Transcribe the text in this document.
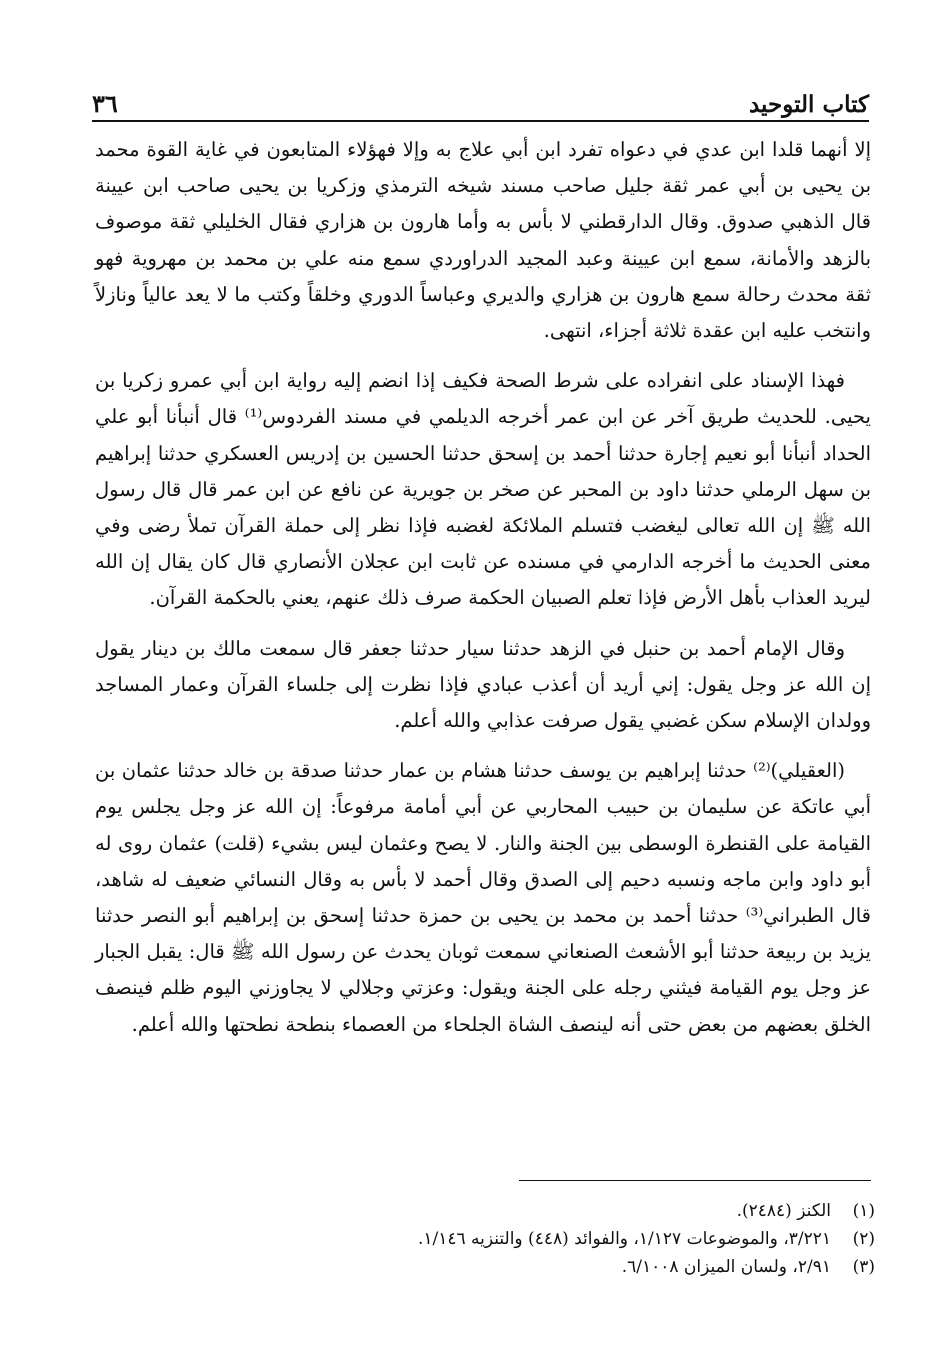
كتاب التوحيد
٣٦

إلا أنهما قلدا ابن عدي في دعواه تفرد ابن أبي علاج به وإلا فهؤلاء المتابعون في غاية القوة محمد بن يحيى بن أبي عمر ثقة جليل صاحب مسند شيخه الترمذي وزكريا بن يحيى صاحب ابن عيينة قال الذهبي صدوق. وقال الدارقطني لا بأس به وأما هارون بن هزاري فقال الخليلي ثقة موصوف بالزهد والأمانة، سمع ابن عيينة وعبد المجيد الدراوردي سمع منه علي بن محمد بن مهروية فهو ثقة محدث رحالة سمع هارون بن هزاري والديري وعباساً الدوري وخلقاً وكتب ما لا يعد عالياً ونازلاً وانتخب عليه ابن عقدة ثلاثة أجزاء، انتهى.

فهذا الإسناد على انفراده على شرط الصحة فكيف إذا انضم إليه رواية ابن أبي عمرو زكريا بن يحيى. للحديث طريق آخر عن ابن عمر أخرجه الديلمي في مسند الفردوس⁽¹⁾ قال أنبأنا أبو علي الحداد أنبأنا أبو نعيم إجارة حدثنا أحمد بن إسحق حدثنا الحسين بن إدريس العسكري حدثنا إبراهيم بن سهل الرملي حدثنا داود بن المحبر عن صخر بن جويرية عن نافع عن ابن عمر قال قال رسول الله ﷺ إن الله تعالى ليغضب فتسلم الملائكة لغضبه فإذا نظر إلى حملة القرآن تملأ رضى وفي معنى الحديث ما أخرجه الدارمي في مسنده عن ثابت ابن عجلان الأنصاري قال كان يقال إن الله ليريد العذاب بأهل الأرض فإذا تعلم الصبيان الحكمة صرف ذلك عنهم، يعني بالحكمة القرآن.

وقال الإمام أحمد بن حنبل في الزهد حدثنا سيار حدثنا جعفر قال سمعت مالك بن دينار يقول إن الله عز وجل يقول: إني أريد أن أعذب عبادي فإذا نظرت إلى جلساء القرآن وعمار المساجد وولدان الإسلام سكن غضبي يقول صرفت عذابي والله أعلم.

(العقيلي)⁽²⁾ حدثنا إبراهيم بن يوسف حدثنا هشام بن عمار حدثنا صدقة بن خالد حدثنا عثمان بن أبي عاتكة عن سليمان بن حبيب المحاربي عن أبي أمامة مرفوعاً: إن الله عز وجل يجلس يوم القيامة على القنطرة الوسطى بين الجنة والنار. لا يصح وعثمان ليس بشيء (قلت) عثمان روى له أبو داود وابن ماجه ونسبه دحيم إلى الصدق وقال أحمد لا بأس به وقال النسائي ضعيف له شاهد، قال الطبراني⁽³⁾ حدثنا أحمد بن محمد بن يحيى بن حمزة حدثنا إسحق بن إبراهيم أبو النصر حدثنا يزيد بن ربيعة حدثنا أبو الأشعث الصنعاني سمعت ثوبان يحدث عن رسول الله ﷺ قال: يقبل الجبار عز وجل يوم القيامة فيثني رجله على الجنة ويقول: وعزتي وجلالي لا يجاوزني اليوم ظلم فينصف الخلق بعضهم من بعض حتى أنه لينصف الشاة الجلحاء من العصماء بنطحة نطحتها والله أعلم.

(١)
الكنز (٢٤٨٤).
(٢)
٣/٢٢١، والموضوعات ١/١٢٧، والفوائد (٤٤٨) والتنزيه ١/١٤٦.
(٣)
٢/٩١، ولسان الميزان ٦/١٠٠٨.
